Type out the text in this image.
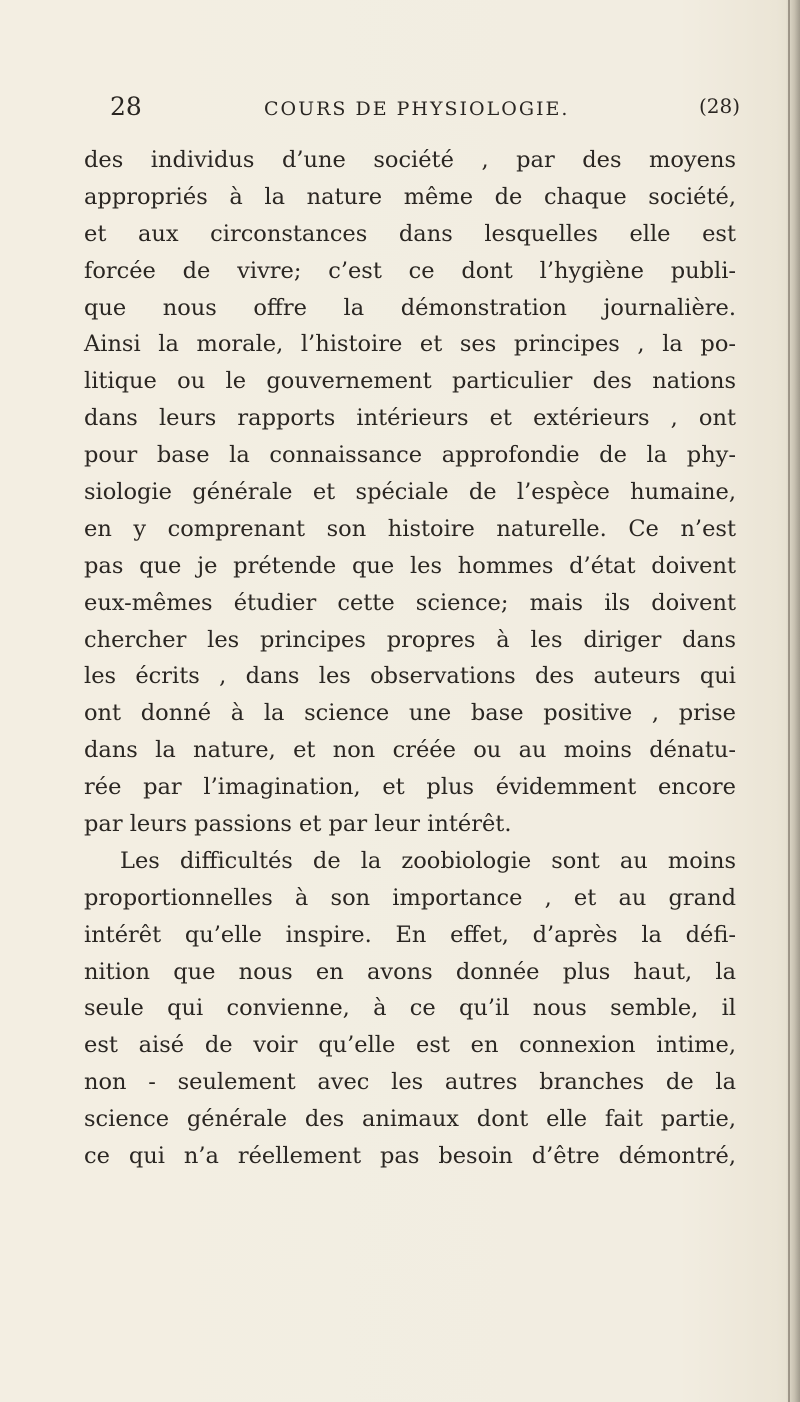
28	COURS DE PHYSIOLOGIE.	(28)
des individus d’une société , par des moyens
appropriés à la nature même de chaque société,
et aux circonstances dans lesquelles elle est
forcée de vivre; c’est ce dont l’hygiène publi-
que nous offre la démonstration journalière.
Ainsi la morale, l’histoire et ses principes , la po-
litique ou le gouvernement particulier des nations
dans leurs rapports intérieurs et extérieurs , ont
pour base la connaissance approfondie de la phy-
siologie générale et spéciale de l’espèce humaine,
en y comprenant son histoire naturelle. Ce n’est
pas que je prétende que les hommes d’état doivent
eux-mêmes étudier cette science; mais ils doivent
chercher les principes propres à les diriger dans
les écrits , dans les observations des auteurs qui
ont donné à la science une base positive , prise
dans la nature, et non créée ou au moins dénatu-
rée par l’imagination, et plus évidemment encore
par leurs passions et par leur intérêt.
Les difficultés de la zoobiologie sont au moins
proportionnelles à son importance , et au grand
intérêt qu’elle inspire. En effet, d’après la défi-
nition que nous en avons donnée plus haut, la
seule qui convienne, à ce qu’il nous semble, il
est aisé de voir qu’elle est en connexion intime,
non - seulement avec les autres branches de la
science générale des animaux dont elle fait partie,
ce qui n’a réellement pas besoin d’être démontré,
